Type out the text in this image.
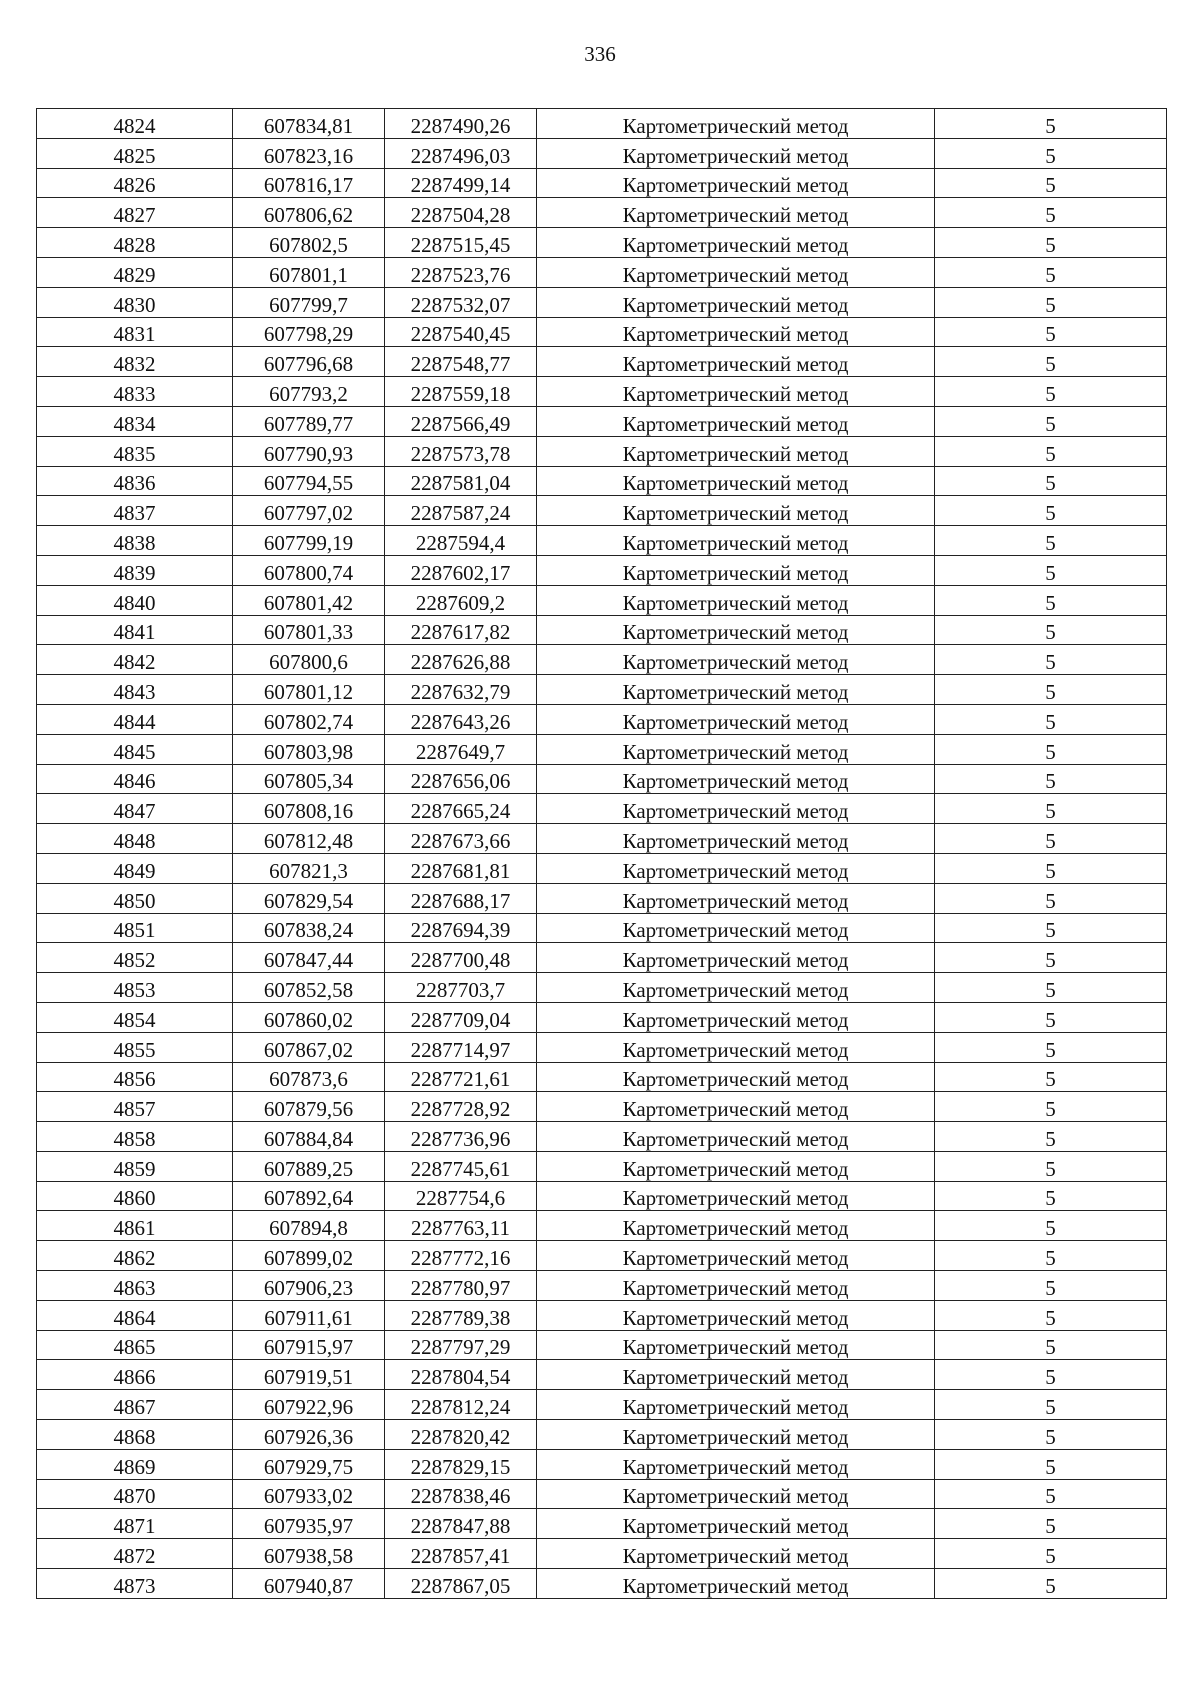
336
4824	607834,81	2287490,26	Картометрический метод	5
4825	607823,16	2287496,03	Картометрический метод	5
4826	607816,17	2287499,14	Картометрический метод	5
4827	607806,62	2287504,28	Картометрический метод	5
4828	607802,5	2287515,45	Картометрический метод	5
4829	607801,1	2287523,76	Картометрический метод	5
4830	607799,7	2287532,07	Картометрический метод	5
4831	607798,29	2287540,45	Картометрический метод	5
4832	607796,68	2287548,77	Картометрический метод	5
4833	607793,2	2287559,18	Картометрический метод	5
4834	607789,77	2287566,49	Картометрический метод	5
4835	607790,93	2287573,78	Картометрический метод	5
4836	607794,55	2287581,04	Картометрический метод	5
4837	607797,02	2287587,24	Картометрический метод	5
4838	607799,19	2287594,4	Картометрический метод	5
4839	607800,74	2287602,17	Картометрический метод	5
4840	607801,42	2287609,2	Картометрический метод	5
4841	607801,33	2287617,82	Картометрический метод	5
4842	607800,6	2287626,88	Картометрический метод	5
4843	607801,12	2287632,79	Картометрический метод	5
4844	607802,74	2287643,26	Картометрический метод	5
4845	607803,98	2287649,7	Картометрический метод	5
4846	607805,34	2287656,06	Картометрический метод	5
4847	607808,16	2287665,24	Картометрический метод	5
4848	607812,48	2287673,66	Картометрический метод	5
4849	607821,3	2287681,81	Картометрический метод	5
4850	607829,54	2287688,17	Картометрический метод	5
4851	607838,24	2287694,39	Картометрический метод	5
4852	607847,44	2287700,48	Картометрический метод	5
4853	607852,58	2287703,7	Картометрический метод	5
4854	607860,02	2287709,04	Картометрический метод	5
4855	607867,02	2287714,97	Картометрический метод	5
4856	607873,6	2287721,61	Картометрический метод	5
4857	607879,56	2287728,92	Картометрический метод	5
4858	607884,84	2287736,96	Картометрический метод	5
4859	607889,25	2287745,61	Картометрический метод	5
4860	607892,64	2287754,6	Картометрический метод	5
4861	607894,8	2287763,11	Картометрический метод	5
4862	607899,02	2287772,16	Картометрический метод	5
4863	607906,23	2287780,97	Картометрический метод	5
4864	607911,61	2287789,38	Картометрический метод	5
4865	607915,97	2287797,29	Картометрический метод	5
4866	607919,51	2287804,54	Картометрический метод	5
4867	607922,96	2287812,24	Картометрический метод	5
4868	607926,36	2287820,42	Картометрический метод	5
4869	607929,75	2287829,15	Картометрический метод	5
4870	607933,02	2287838,46	Картометрический метод	5
4871	607935,97	2287847,88	Картометрический метод	5
4872	607938,58	2287857,41	Картометрический метод	5
4873	607940,87	2287867,05	Картометрический метод	5
